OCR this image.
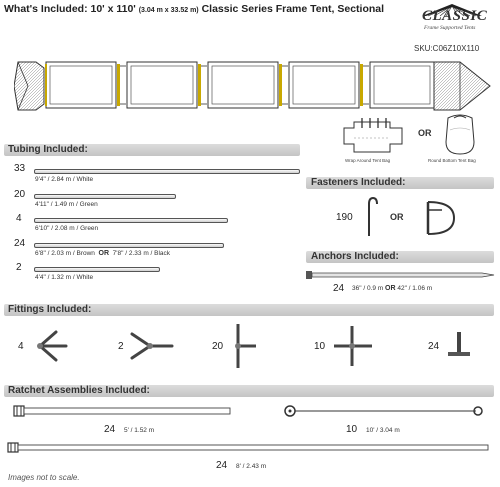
What's Included: 10' x 110' (3.04 m x 33.52 m) Classic Series Frame Tent, Sectional	CLASSIC
Frame Supported Tents
SKU:C06Z10X110
Tubing Included:
Wrap Around Tent Bag
OR
Round Bottom Tent Bag
33
9'4" / 2.84 m / White
20
4'11" / 1.49 m / Green
4
6'10" / 2.08 m / Green
24
6'8" / 2.03 m / Brown OR 7'8" / 2.33 m / Black
2
4'4" / 1.32 m / White
Fasteners Included:
190	OR
Anchors Included:
24 36" / 0.9 m OR 42" / 1.06 m
Fittings Included:
4	2	20	10	24
Ratchet Assemblies Included:
24 5' / 1.52 m	10 10' / 3.04 m
24 8' / 2.43 m
Images not to scale.
